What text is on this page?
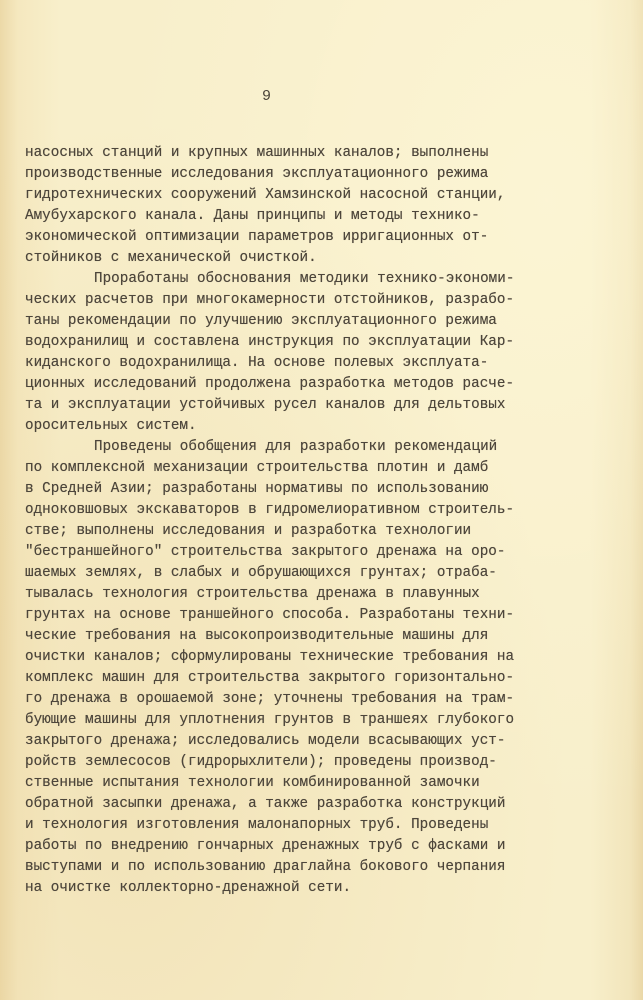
9
насосных станций и крупных машинных каналов; выполнены
производственные исследования эксплуатационного режима
гидротехнических сооружений Хамзинской насосной станции,
Амубухарского канала. Даны принципы и методы технико-
экономической оптимизации параметров ирригационных от-
стойников с механической очисткой.
Проработаны обоснования методики технико-экономи-
ческих расчетов при многокамерности отстойников, разрабо-
таны рекомендации по улучшению эксплуатационного режима
водохранилищ и составлена инструкция по эксплуатации Кар-
киданского водохранилища. На основе полевых эксплуата-
ционных исследований продолжена разработка методов расче-
та и эксплуатации устойчивых русел каналов для дельтовых
оросительных систем.
Проведены обобщения для разработки рекомендаций
по комплексной механизации строительства плотин и дамб
в Средней Азии; разработаны нормативы по использованию
одноковшовых экскаваторов в гидромелиоративном строитель-
стве; выполнены исследования и разработка технологии
"бестраншейного" строительства закрытого дренажа на оро-
шаемых землях, в слабых и обрушающихся грунтах; отраба-
тывалась технология строительства дренажа в плавунных
грунтах на основе траншейного способа. Разработаны техни-
ческие требования на высокопроизводительные машины для
очистки каналов; сформулированы технические требования на
комплекс машин для строительства закрытого горизонтально-
го дренажа в орошаемой зоне; уточнены требования на трам-
бующие машины для уплотнения грунтов в траншеях глубокого
закрытого дренажа; исследовались модели всасывающих уст-
ройств землесосов (гидрорыхлители); проведены производ-
ственные испытания технологии комбинированной замочки
обратной засыпки дренажа, а также разработка конструкций
и технология изготовления малонапорных труб. Проведены
работы по внедрению гончарных дренажных труб с фасками и
выступами и по использованию драглайна бокового черпания
на очистке коллекторно-дренажной сети.
